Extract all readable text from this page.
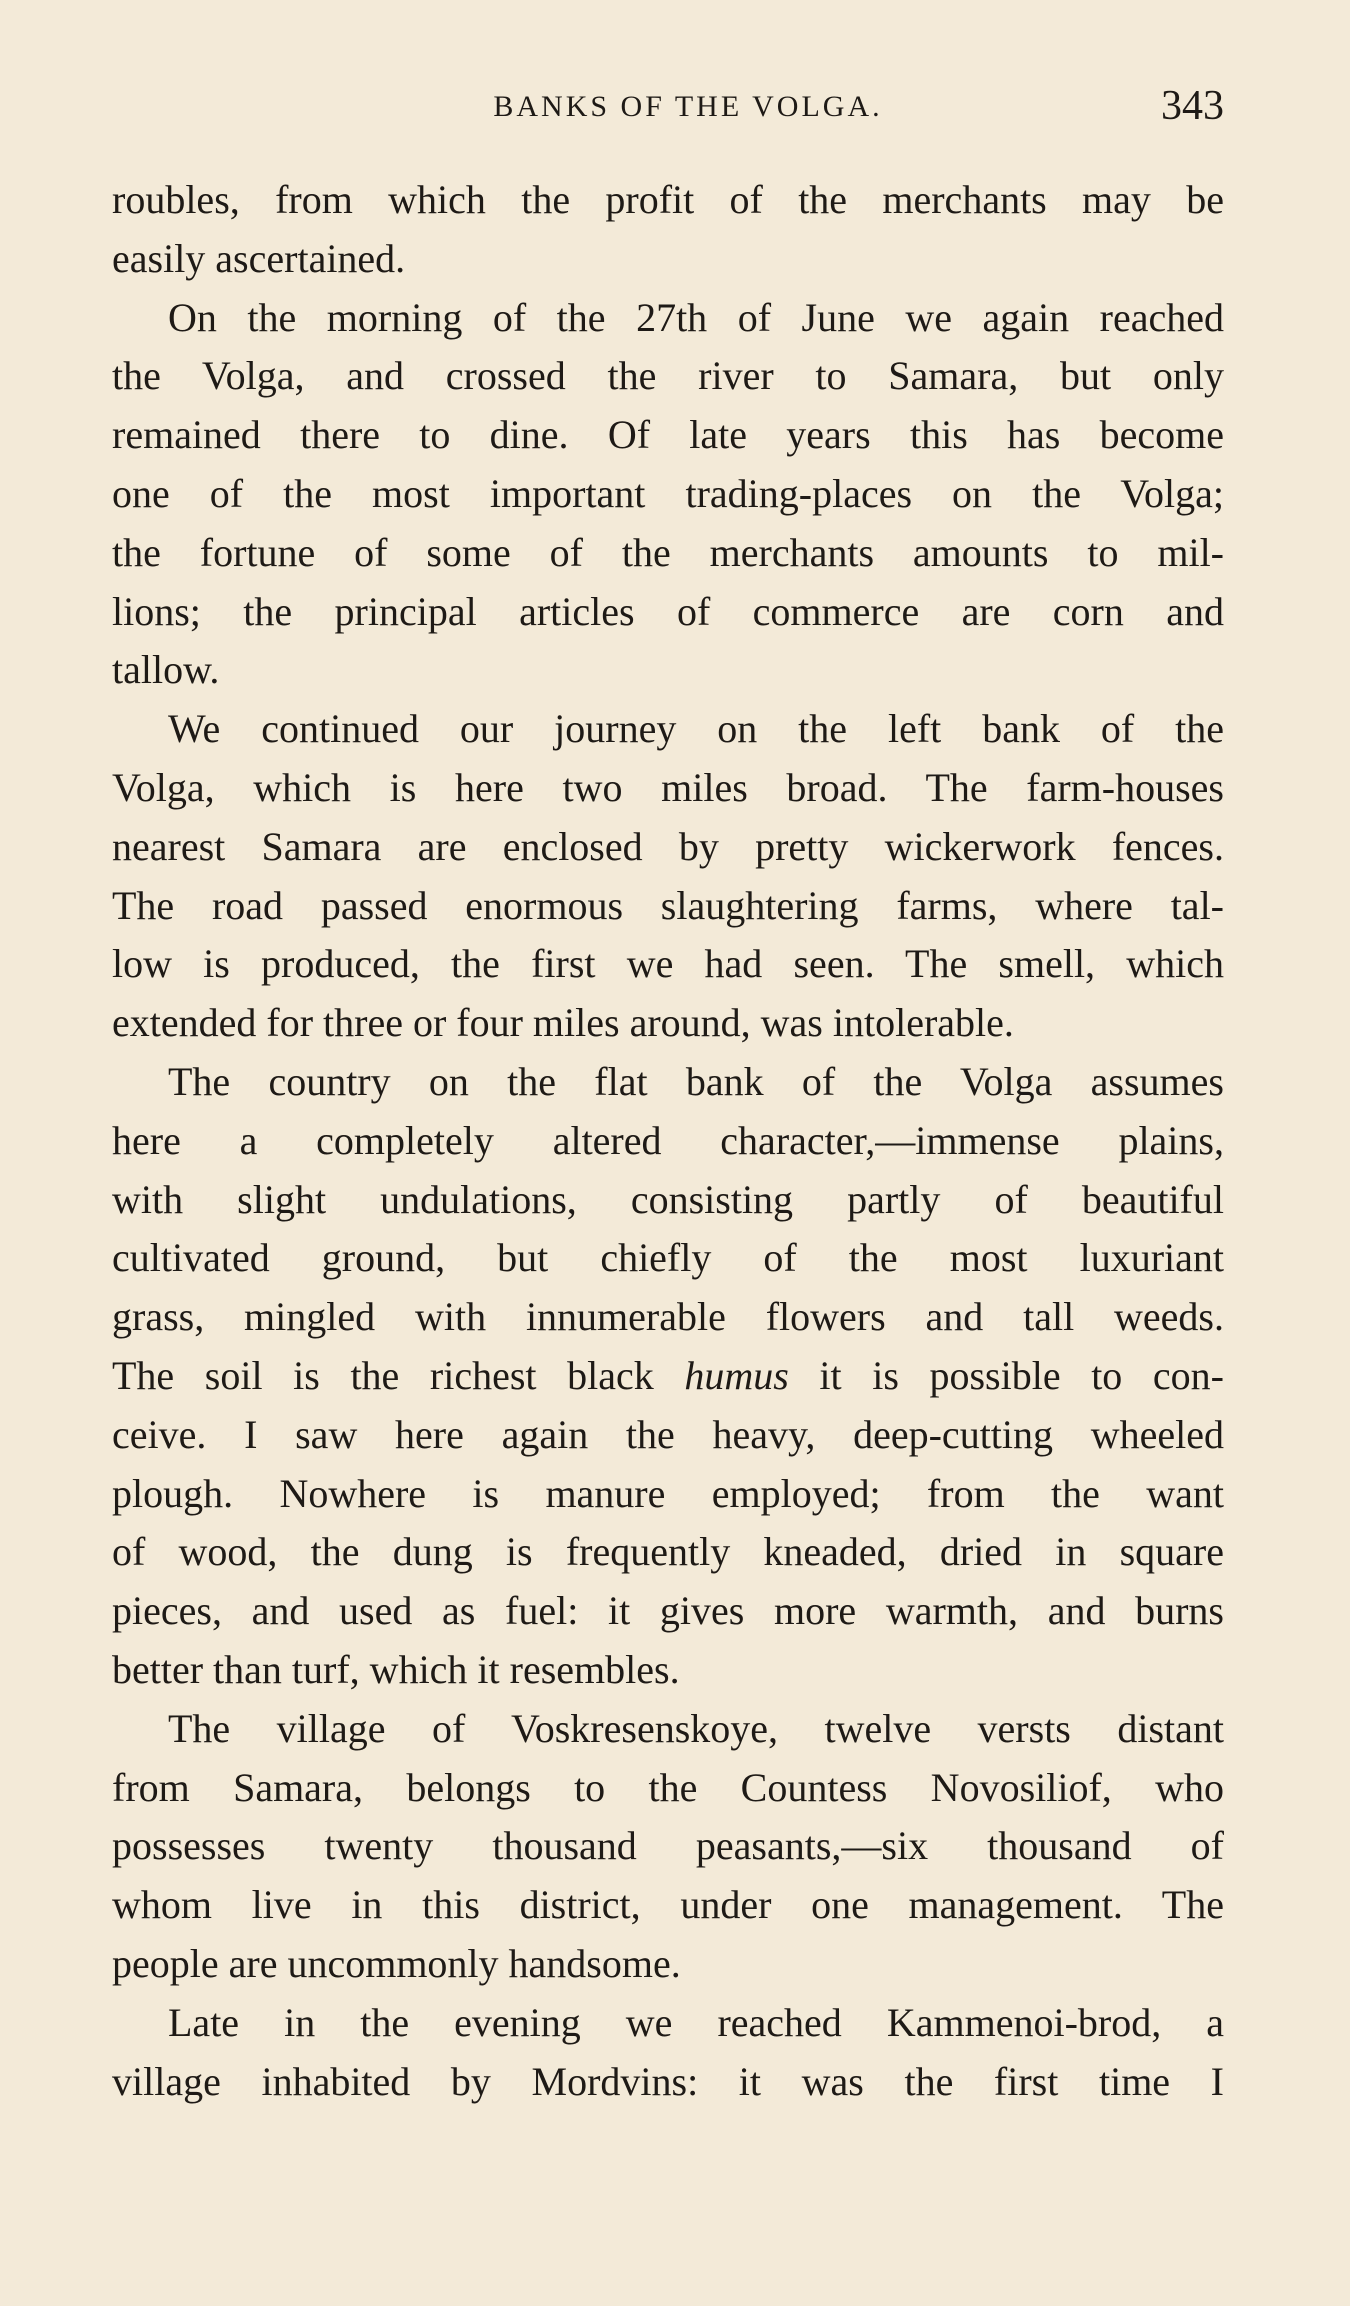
BANKS OF THE VOLGA.	343
roubles, from which the profit of the merchants may be
easily ascertained.
On the morning of the 27th of June we again reached
the Volga, and crossed the river to Samara, but only
remained there to dine. Of late years this has become
one of the most important trading-places on the Volga;
the fortune of some of the merchants amounts to mil-
lions; the principal articles of commerce are corn and
tallow.
We continued our journey on the left bank of the
Volga, which is here two miles broad. The farm-houses
nearest Samara are enclosed by pretty wickerwork fences.
The road passed enormous slaughtering farms, where tal-
low is produced, the first we had seen. The smell, which
extended for three or four miles around, was intolerable.
The country on the flat bank of the Volga assumes
here a completely altered character,—immense plains,
with slight undulations, consisting partly of beautiful
cultivated ground, but chiefly of the most luxuriant
grass, mingled with innumerable flowers and tall weeds.
The soil is the richest black humus it is possible to con-
ceive. I saw here again the heavy, deep-cutting wheeled
plough. Nowhere is manure employed; from the want
of wood, the dung is frequently kneaded, dried in square
pieces, and used as fuel: it gives more warmth, and burns
better than turf, which it resembles.
The village of Voskresenskoye, twelve versts distant
from Samara, belongs to the Countess Novosiliof, who
possesses twenty thousand peasants,—six thousand of
whom live in this district, under one management. The
people are uncommonly handsome.
Late in the evening we reached Kammenoi-brod, a
village inhabited by Mordvins: it was the first time I
